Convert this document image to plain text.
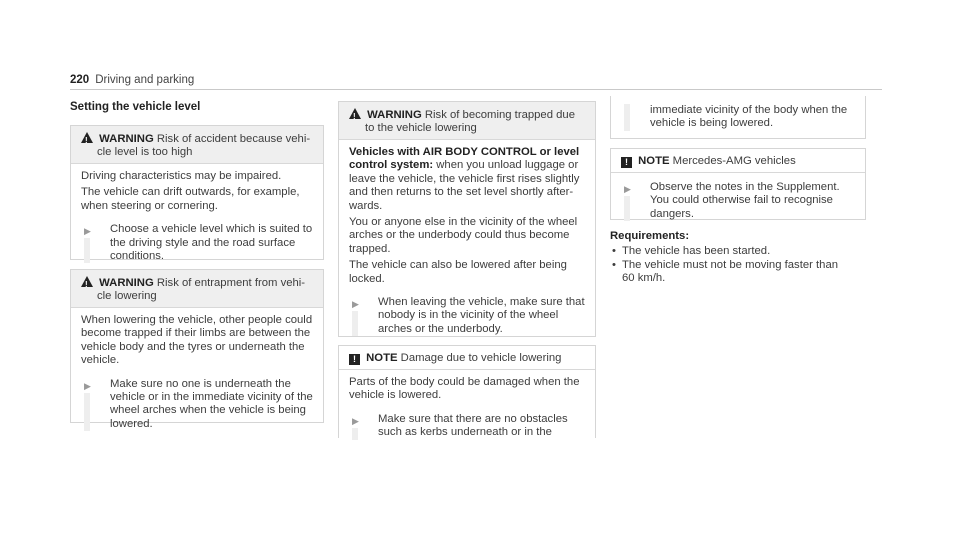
220 Driving and parking
Setting the vehicle level
! WARNING Risk of accident because vehi-
cle level is too high

Driving characteristics may be impaired.

The vehicle can drift outwards, for example,
when steering or cornering.

▶ Choose a vehicle level which is suited to
the driving style and the road surface
conditions.
! WARNING Risk of entrapment from vehi-
cle lowering

When lowering the vehicle, other people could
become trapped if their limbs are between the
vehicle body and the tyres or underneath the
vehicle.

▶ Make sure no one is underneath the
vehicle or in the immediate vicinity of the
wheel arches when the vehicle is being
lowered.
! WARNING Risk of becoming trapped due
to the vehicle lowering

Vehicles with AIR BODY CONTROL or level
control system: when you unload luggage or
leave the vehicle, the vehicle first rises slightly
and then returns to the set level shortly after-
wards.

You or anyone else in the vicinity of the wheel
arches or the underbody could thus become
trapped.

The vehicle can also be lowered after being
locked.

▶ When leaving the vehicle, make sure that
nobody is in the vicinity of the wheel
arches or the underbody.
! NOTE Damage due to vehicle lowering

Parts of the body could be damaged when the
vehicle is lowered.

▶ Make sure that there are no obstacles
such as kerbs underneath or in the
immediate vicinity of the body when the
vehicle is being lowered.
! NOTE Mercedes-AMG vehicles
▶ Observe the notes in the Supplement.
You could otherwise fail to recognise
dangers.
Requirements:
• The vehicle has been started.
• The vehicle must not be moving faster than
60 km/h.
